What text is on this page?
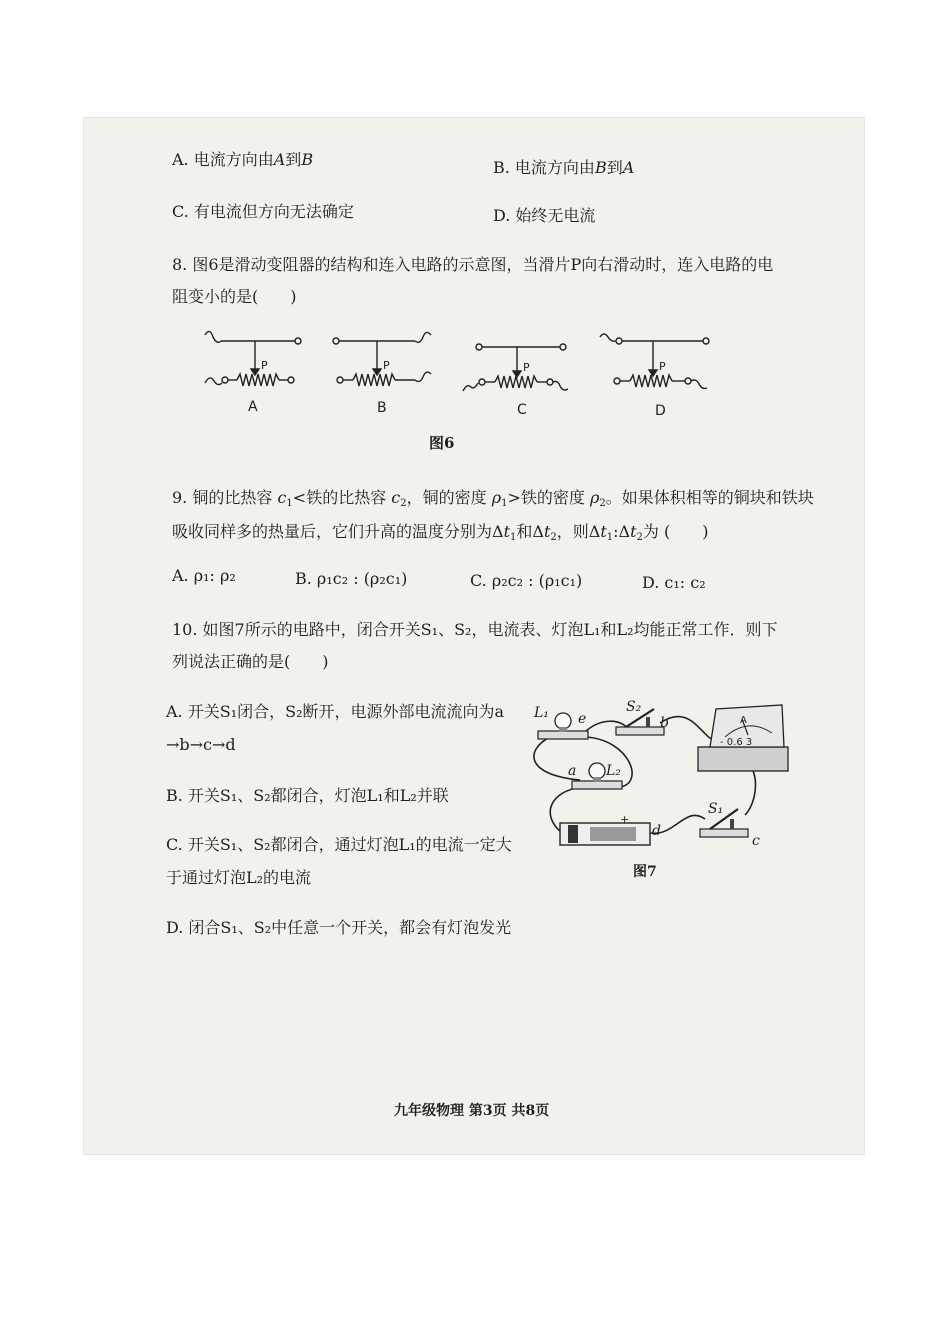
A. 电流方向由A到B	B. 电流方向由B到A
C. 有电流但方向无法确定	D. 始终无电流
8. 图6是滑动变阻器的结构和连入电路的示意图，当滑片P向右滑动时，连入电路的电
阻变小的是(　　)
P	P	P	P
A	B	C	D
图6
9. 铜的比热容 $c_1<$铁的比热容 $c_2$，铜的密度 $\rho_1>$铁的密度 $\rho_2$。如果体积相等的铜块和铁块
吸收同样多的热量后，它们升高的温度分别为$\Delta t_1$和$\Delta t_2$，则$\Delta t_1:\Delta t_2$为 (　　)
A. ρ₁: ρ₂	B. ρ₁c₂ : (ρ₂c₁)	C. ρ₂c₂ : (ρ₁c₁)	D. c₁: c₂
10. 如图7所示的电路中，闭合开关S₁、S₂，电流表、灯泡L₁和L₂均能正常工作．则下
列说法正确的是(　　)
A. 开关S₁闭合，S₂断开，电源外部电流流向为a
→b→c→d
B. 开关S₁、S₂都闭合，灯泡L₁和L₂并联
C. 开关S₁、S₂都闭合，通过灯泡L₁的电流一定大
于通过灯泡L₂的电流
D. 闭合S₁、S₂中任意一个开关，都会有灯泡发光
L₁ e
S₂
b
a L₂
d
S₁
c
A
- 0.6 3
+
图7
九年级物理 第3页 共8页
